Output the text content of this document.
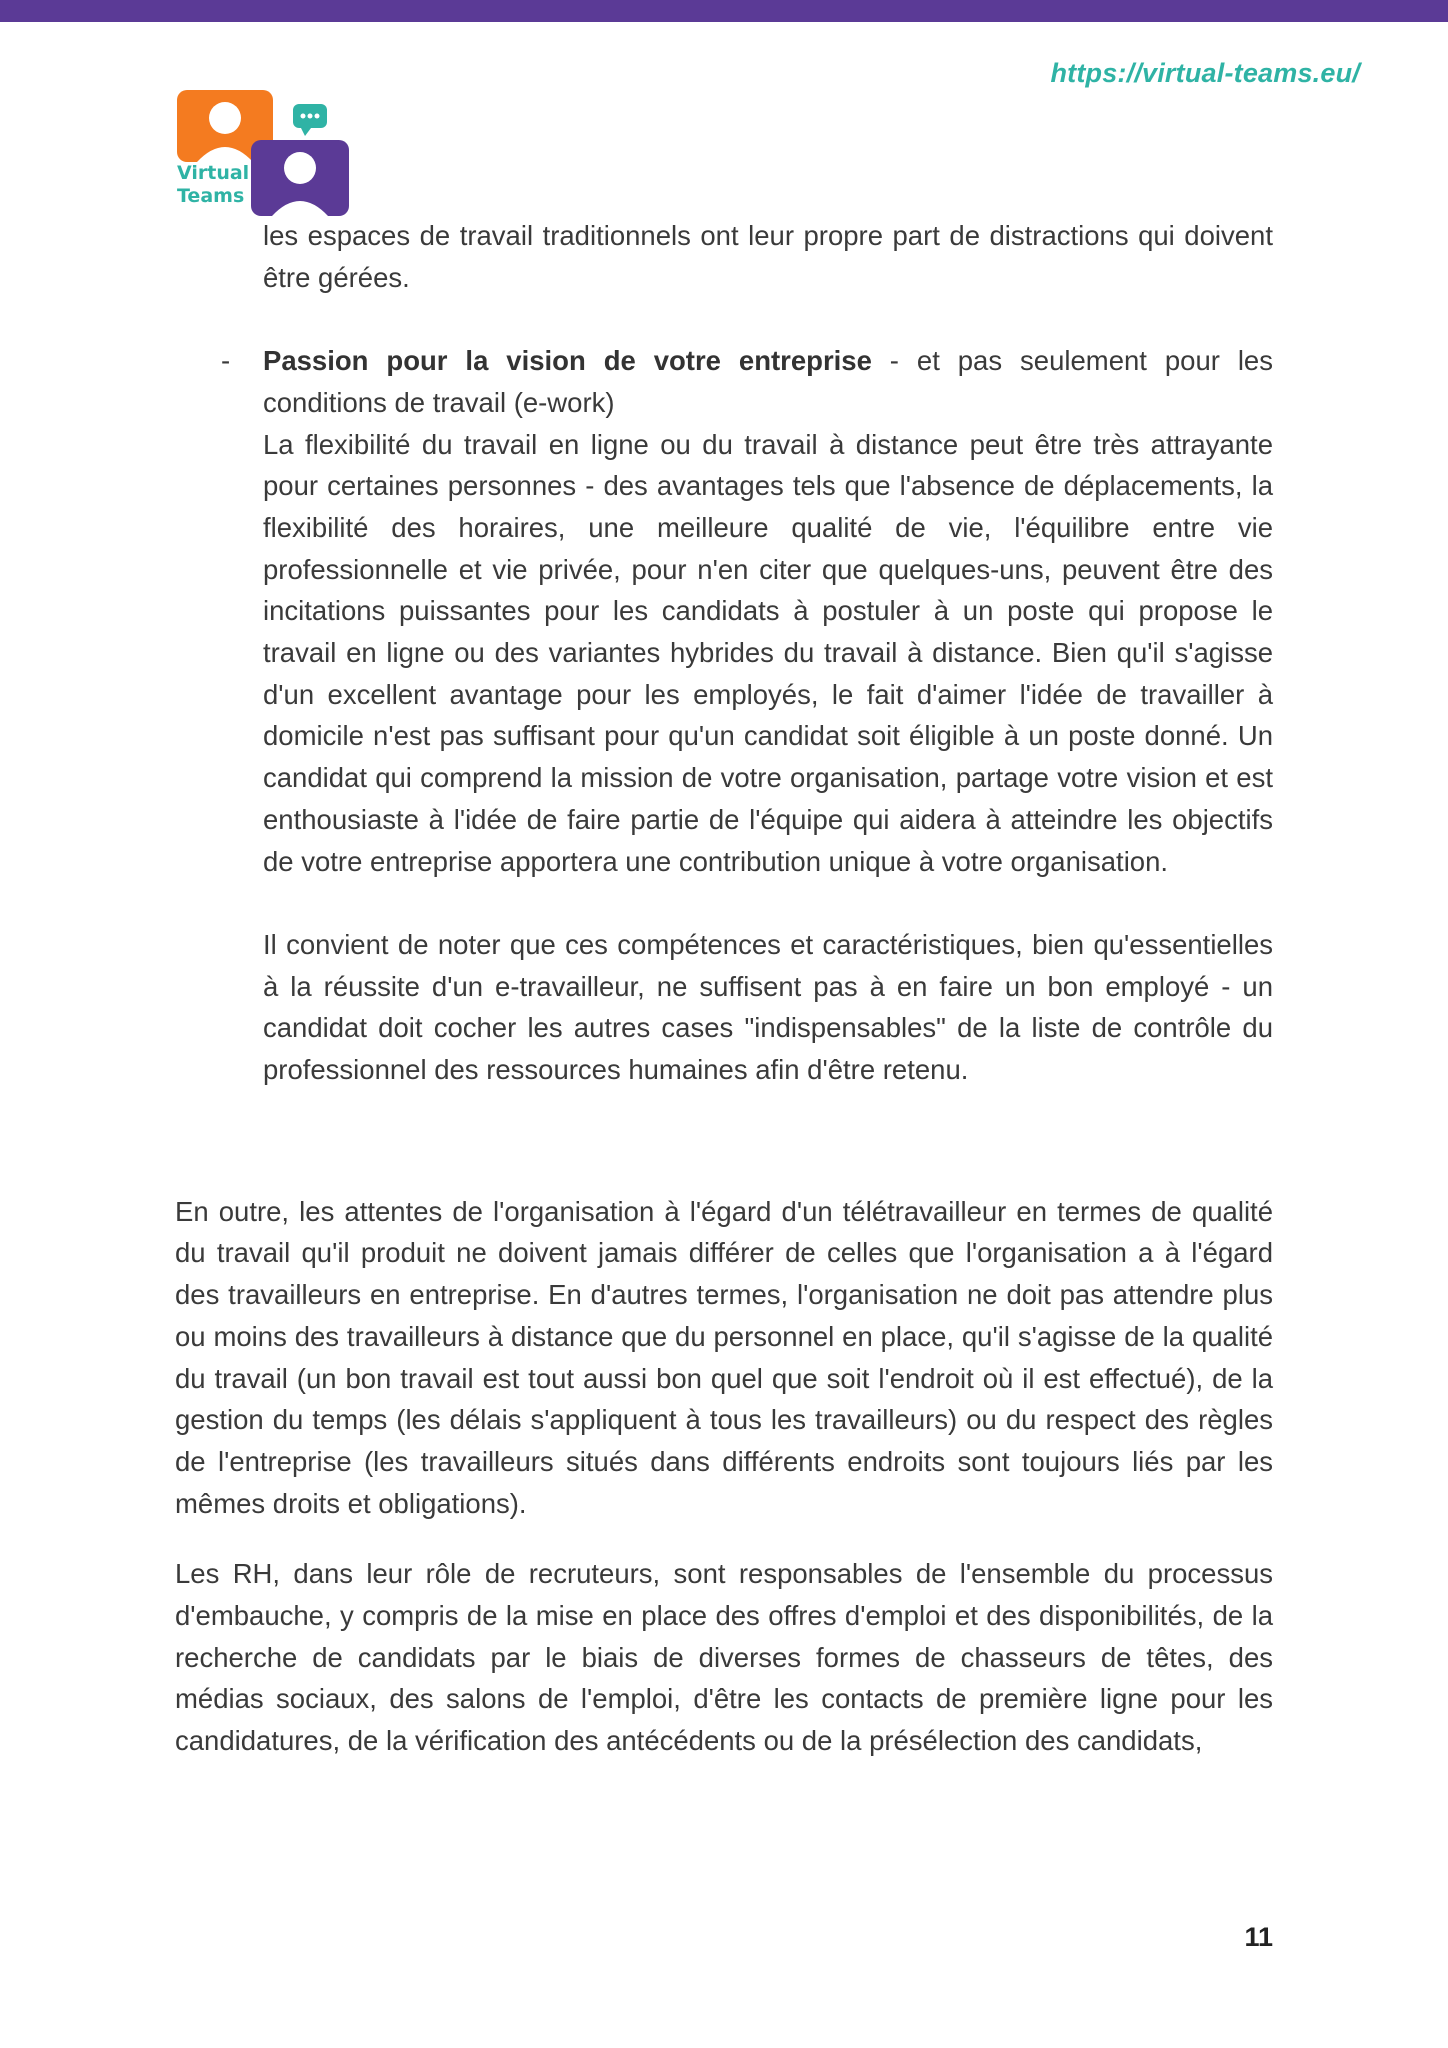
https://virtual-teams.eu/
Virtual
Teams
les espaces de travail traditionnels ont leur propre part de distractions qui doivent être gérées.
- Passion pour la vision de votre entreprise - et pas seulement pour les conditions de travail (e-work)
La flexibilité du travail en ligne ou du travail à distance peut être très attrayante pour certaines personnes - des avantages tels que l'absence de déplacements, la flexibilité des horaires, une meilleure qualité de vie, l'équilibre entre vie professionnelle et vie privée, pour n'en citer que quelques-uns, peuvent être des incitations puissantes pour les candidats à postuler à un poste qui propose le travail en ligne ou des variantes hybrides du travail à distance. Bien qu'il s'agisse d'un excellent avantage pour les employés, le fait d'aimer l'idée de travailler à domicile n'est pas suffisant pour qu'un candidat soit éligible à un poste donné. Un candidat qui comprend la mission de votre organisation, partage votre vision et est enthousiaste à l'idée de faire partie de l'équipe qui aidera à atteindre les objectifs de votre entreprise apportera une contribution unique à votre organisation.
Il convient de noter que ces compétences et caractéristiques, bien qu'essentielles à la réussite d'un e-travailleur, ne suffisent pas à en faire un bon employé - un candidat doit cocher les autres cases "indispensables" de la liste de contrôle du professionnel des ressources humaines afin d'être retenu.
En outre, les attentes de l'organisation à l'égard d'un télétravailleur en termes de qualité du travail qu'il produit ne doivent jamais différer de celles que l'organisation a à l'égard des travailleurs en entreprise. En d'autres termes, l'organisation ne doit pas attendre plus ou moins des travailleurs à distance que du personnel en place, qu'il s'agisse de la qualité du travail (un bon travail est tout aussi bon quel que soit l'endroit où il est effectué), de la gestion du temps (les délais s'appliquent à tous les travailleurs) ou du respect des règles de l'entreprise (les travailleurs situés dans différents endroits sont toujours liés par les mêmes droits et obligations).
Les RH, dans leur rôle de recruteurs, sont responsables de l'ensemble du processus d'embauche, y compris de la mise en place des offres d'emploi et des disponibilités, de la recherche de candidats par le biais de diverses formes de chasseurs de têtes, des médias sociaux, des salons de l'emploi, d'être les contacts de première ligne pour les candidatures, de la vérification des antécédents ou de la présélection des candidats,
11
